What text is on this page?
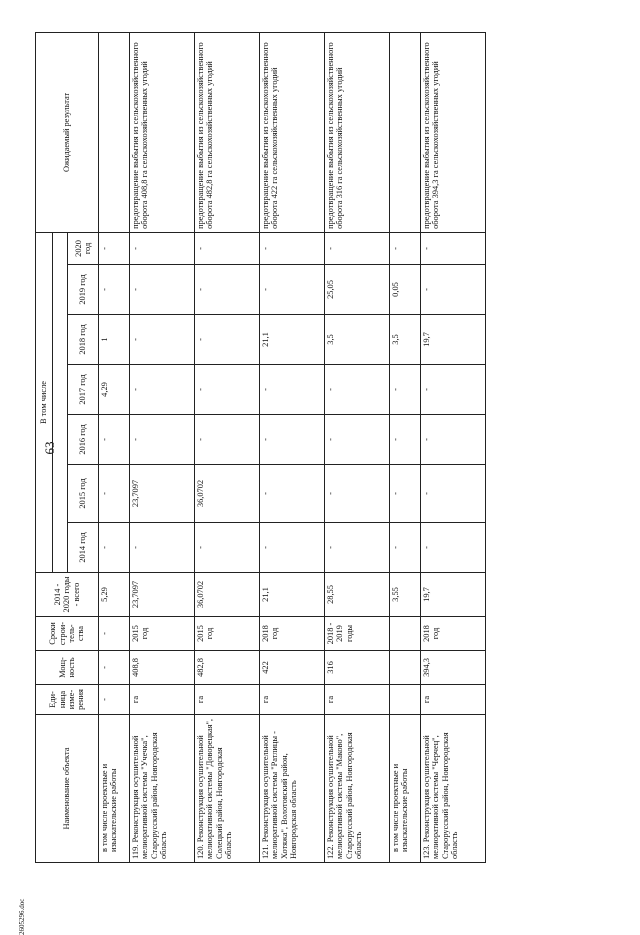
63
2605296.doc
Наименование объекта	Еди-ница изме-рения	Мощ-ность	Сроки строи-тель-ства	2014 - 2020 годы - всего	В том числе							Ожидаемый результат

					2014 год	2015 год	2016 год	2017 год	2018 год	2019 год	2020 год	
в том числе проектные и изыскательские работы	-	-	-	5,29	-	-	-	4,29	1	-	-	
119. Реконструкция осушительной мелиоративной системы "Учечка", Старорусский район, Новгородская область	га	408,8	2015 год	23,7097	-	23,7097	-	-	-	-	-	предотвращение выбытия из сельскохозяйственного оборота 408,8 га сельскохозяйственных угодий
120. Реконструкция осушительной мелиоративной системы "Доворецкая", Солецкий район, Новгородская область	га	482,8	2015 год	36,0702	-	36,0702	-	-	-	-	-	предотвращение выбытия из сельскохозяйственного оборота 482,8 га сельскохозяйственных угодий
121. Реконструкция осушительной мелиоративной системы "Ратлицы - Хотяжа", Волотовский район, Новгородская область	га	422	2018 год	21,1	-	-	-	-	21,1	-	-	предотвращение выбытия из сельскохозяйственного оборота 422 га сельскохозяйственных угодий
122. Реконструкция осушительной мелиоративной системы "Маково", Старорусский район, Новгородская область	га	316	2018 - 2019 годы	28,55	-	-	-	-	3,5	25,05	-	предотвращение выбытия из сельскохозяйственного оборота 316 га сельскохозяйственных угодий
в том числе проектные и изыскательские работы				3,55	-	-	-	-	3,5	0,05	-	
123. Реконструкция осушительной мелиоративной системы "Черчец", Старорусский район, Новгородская область	га	394,3	2018 год	19,7	-	-	-	-	19,7	-	-	предотвращение выбытия из сельскохозяйственного оборота 394,3 га сельскохозяйственных угодий
